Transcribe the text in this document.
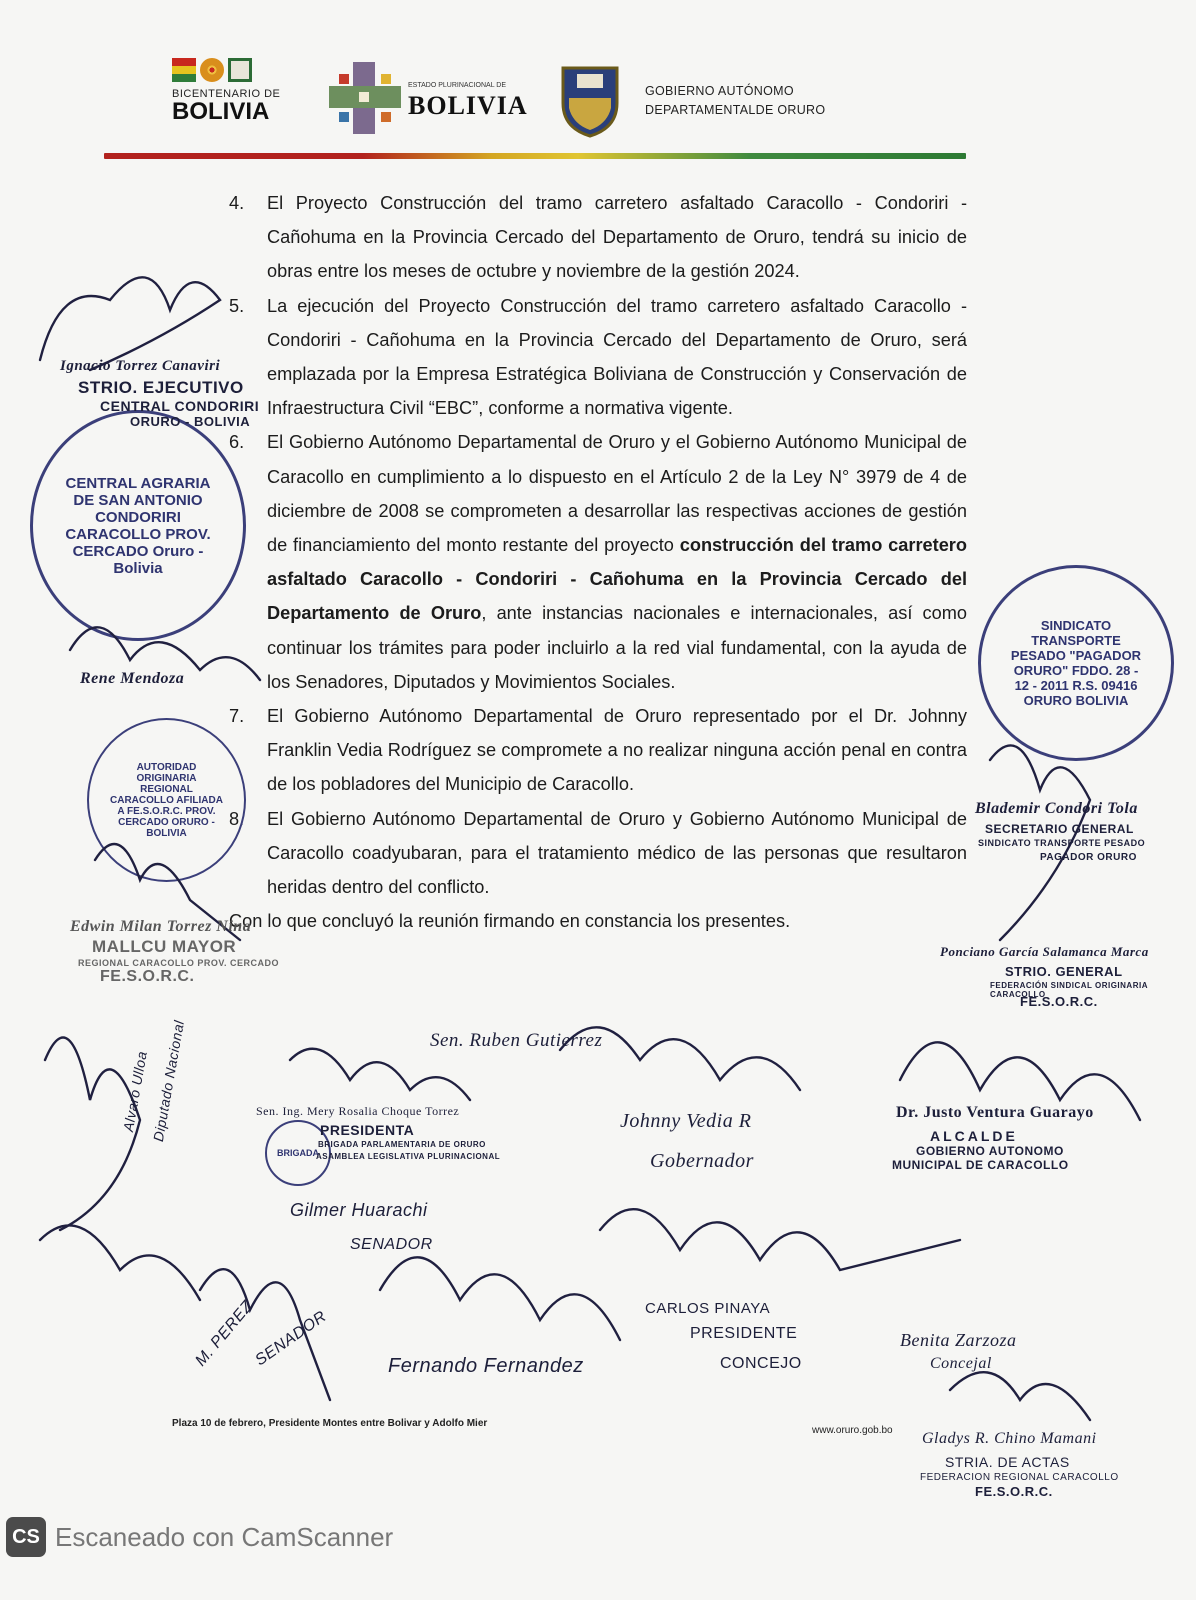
BICENTENARIO DE
BOLIVIA
ESTADO PLURINACIONAL DE
BOLIVIA	GOBIERNO AUTÓNOMO
DEPARTAMENTALDE ORURO
4.	El Proyecto Construcción del tramo carretero asfaltado Caracollo - Condoriri - Cañohuma en la Provincia Cercado del Departamento de Oruro, tendrá su inicio de obras entre los meses de octubre y noviembre de la gestión 2024.
5.	La ejecución del Proyecto Construcción del tramo carretero asfaltado Caracollo - Condoriri - Cañohuma en la Provincia Cercado del Departamento de Oruro, será emplazada por la Empresa Estratégica Boliviana de Construcción y Conservación de Infraestructura Civil “EBC”, conforme a normativa vigente.
6.	El Gobierno Autónomo Departamental de Oruro y el Gobierno Autónomo Municipal de Caracollo en cumplimiento a lo dispuesto en el Artículo 2 de la Ley N° 3979 de 4 de diciembre de 2008 se comprometen a desarrollar las respectivas acciones de gestión de financiamiento del monto restante del proyecto construcción del tramo carretero asfaltado Caracollo - Condoriri - Cañohuma en la Provincia Cercado del Departamento de Oruro, ante instancias nacionales e internacionales, así como continuar los trámites para poder incluirlo a la red vial fundamental, con la ayuda de los Senadores, Diputados y Movimientos Sociales.
7.	El Gobierno Autónomo Departamental de Oruro representado por el Dr. Johnny Franklin Vedia Rodríguez se compromete a no realizar ninguna acción penal en contra de los pobladores del Municipio de Caracollo.
8.	El Gobierno Autónomo Departamental de Oruro y Gobierno Autónomo Municipal de Caracollo coadyubaran, para el tratamiento médico de las personas que resultaron heridas dentro del conflicto.
Con lo que concluyó la reunión firmando en constancia los presentes.
CENTRAL AGRARIA DE SAN ANTONIO CONDORIRI CARACOLLO PROV. CERCADO Oruro - Bolivia
AUTORIDAD ORIGINARIA REGIONAL CARACOLLO AFILIADA A FE.S.O.R.C. PROV. CERCADO ORURO - BOLIVIA
SINDICATO TRANSPORTE PESADO "PAGADOR ORURO" FDDO. 28 - 12 - 2011 R.S. 09416 ORURO BOLIVIA
BRIGADA
Ignacio Torrez Canaviri
STRIO. EJECUTIVO
CENTRAL CONDORIRI
ORURO - BOLIVIA
Rene Mendoza
Edwin Milan Torrez Nina
MALLCU MAYOR
REGIONAL CARACOLLO PROV. CERCADO
FE.S.O.R.C.
Blademir Condori Tola
SECRETARIO GENERAL
SINDICATO TRANSPORTE PESADO
PAGADOR ORURO
Ponciano García Salamanca Marca
STRIO. GENERAL
FEDERACIÓN SINDICAL ORIGINARIA CARACOLLO
FE.S.O.R.C.
Sen. Ruben Gutierrez
Sen. Ing. Mery Rosalia Choque Torrez
PRESIDENTA
BRIGADA PARLAMENTARIA DE ORURO
ASAMBLEA LEGISLATIVA PLURINACIONAL
Johnny Vedia R
Gobernador
Dr. Justo Ventura Guarayo
ALCALDE
GOBIERNO AUTONOMO
MUNICIPAL DE CARACOLLO
Diputado Nacional
Alvaro Ulloa
Gilmer Huarachi
SENADOR
SENADOR
M. PEREZ	Fernando Fernandez
CARLOS PINAYA
PRESIDENTE
CONCEJO
Benita Zarzoza
Concejal
Gladys R. Chino Mamani
STRIA. DE ACTAS
FEDERACION REGIONAL CARACOLLO
FE.S.O.R.C.
Plaza 10 de febrero, Presidente Montes entre Bolivar y Adolfo Mier
www.oruro.gob.bo
CS Escaneado con CamScanner
